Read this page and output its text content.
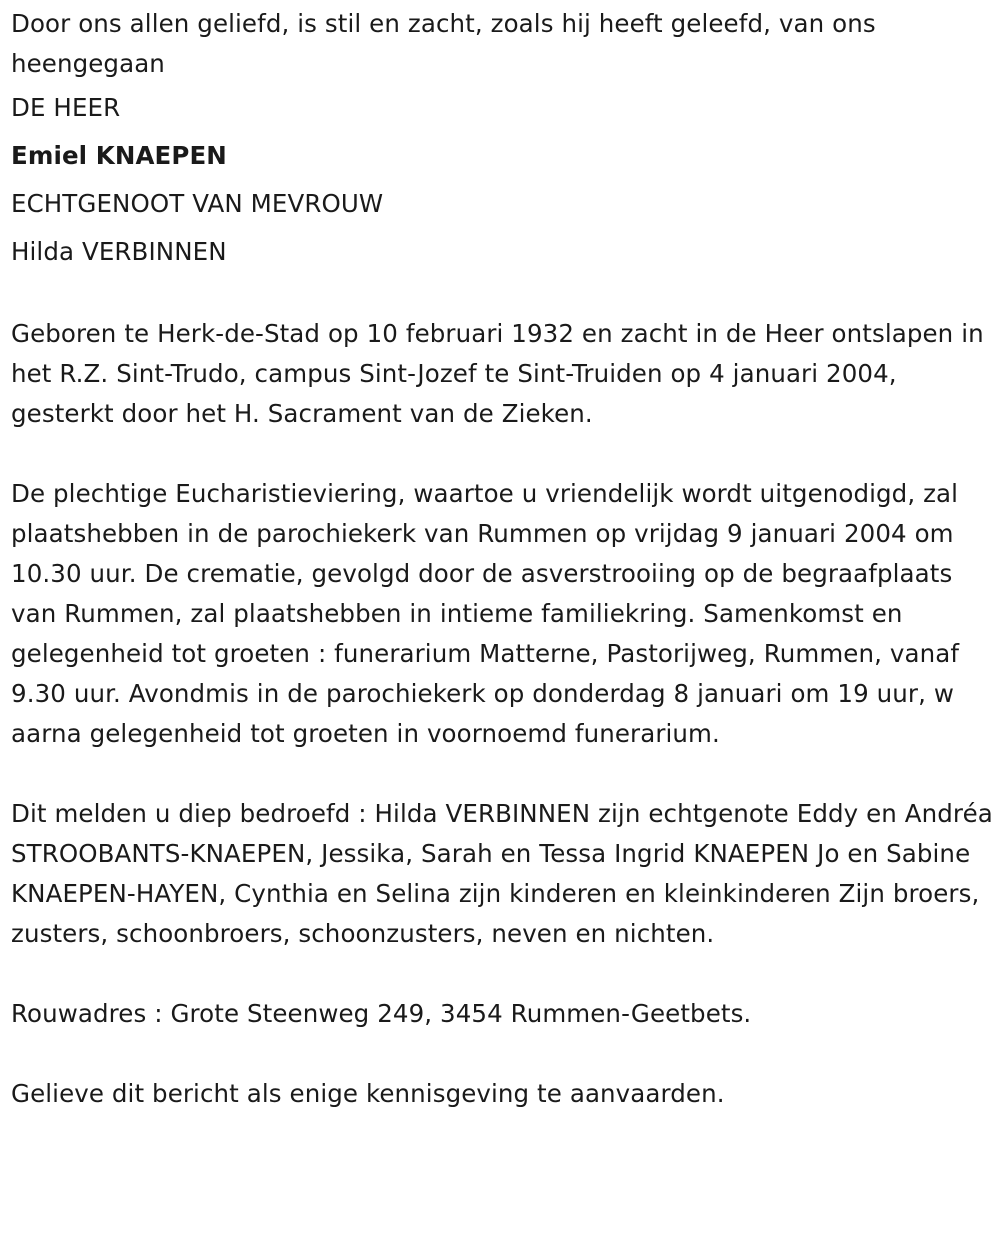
Door ons allen geliefd, is stil en zacht, zoals hij heeft geleefd, van ons heengegaan

DE HEER

Emiel KNAEPEN

ECHTGENOOT VAN MEVROUW

Hilda VERBINNEN

Geboren te Herk-de-Stad op 10 februari 1932 en zacht in de Heer ontslapen in het R.Z. Sint-Trudo, campus Sint-Jozef te Sint-Truiden op 4 januari 2004, gesterkt door het H. Sacrament van de Zieken.

De plechtige Eucharistieviering, waartoe u vriendelijk wordt uitgenodigd, zal plaatshebben in de parochiekerk van Rummen op vrijdag 9 januari 2004 om 10.30 uur. De crematie, gevolgd door de asverstrooiing op de begraafplaats van Rummen, zal plaatshebben in intieme familiekring. Samenkomst en gelegenheid tot groeten : funerarium Matterne, Pastorijweg, Rummen, vanaf 9.30 uur. Avondmis in de parochiekerk op donderdag 8 januari om 19 uur, w aarna gelegenheid tot groeten in voornoemd funerarium.

Dit melden u diep bedroefd : Hilda VERBINNEN zijn echtgenote Eddy en Andréa STROOBANTS-KNAEPEN, Jessika, Sarah en Tessa Ingrid KNAEPEN Jo en Sabine KNAEPEN-HAYEN, Cynthia en Selina zijn kinderen en kleinkinderen Zijn broers, zusters, schoonbroers, schoonzusters, neven en nichten.

Rouwadres : Grote Steenweg 249, 3454 Rummen-Geetbets.

Gelieve dit bericht als enige kennisgeving te aanvaarden.
